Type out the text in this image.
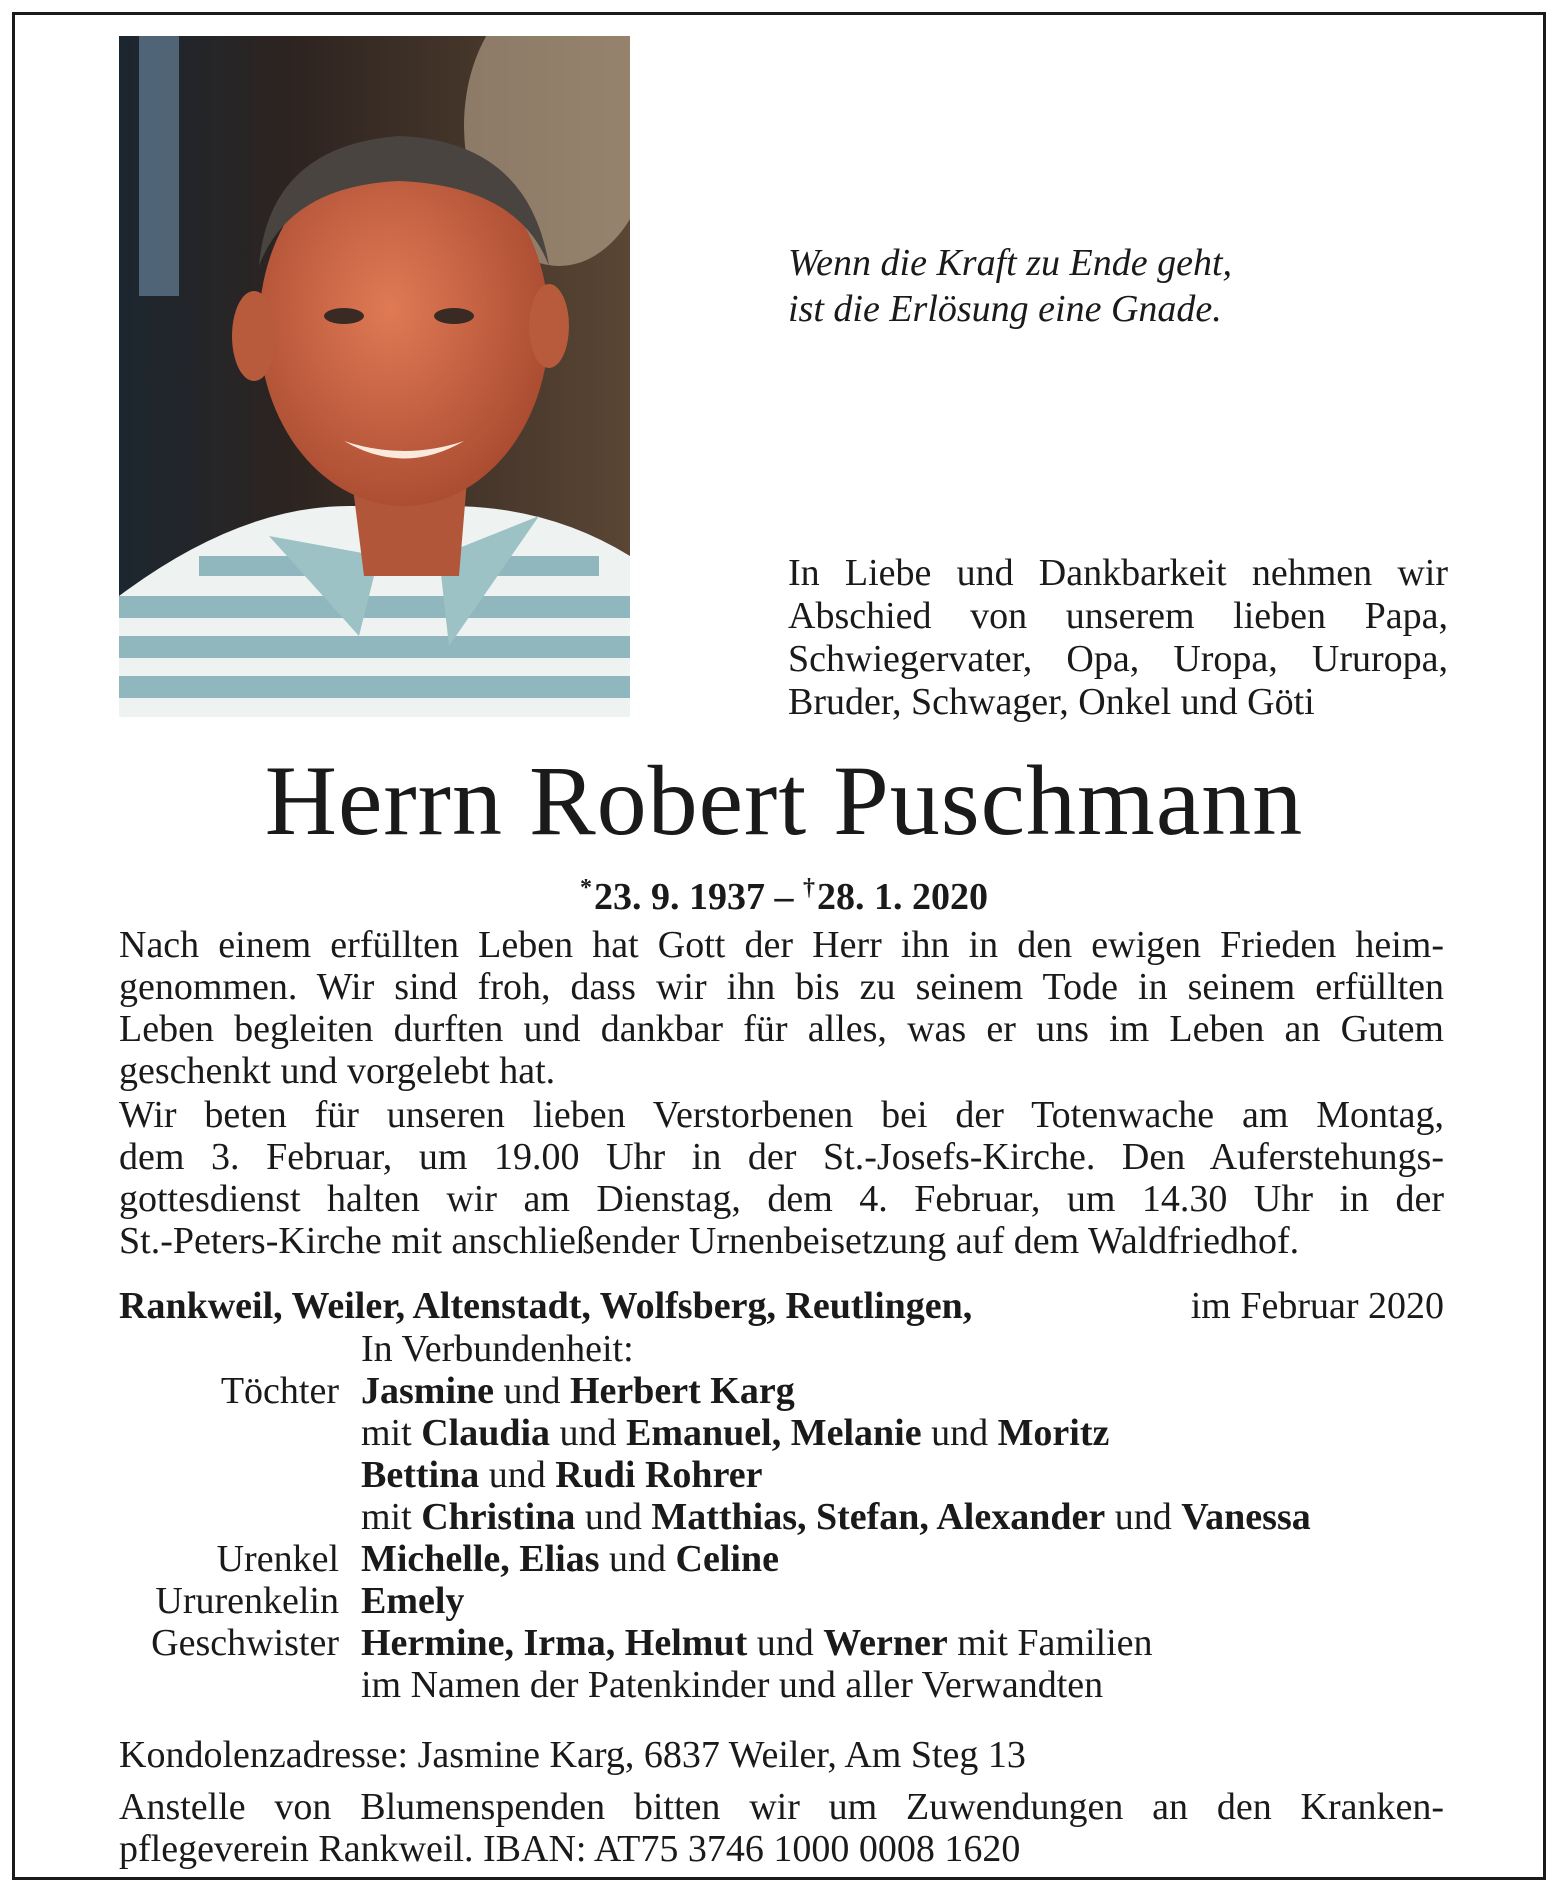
Wenn die Kraft zu Ende geht,
ist die Erlösung eine Gnade.

In Liebe und Dankbarkeit nehmen wir
Abschied von unserem lieben Papa,
Schwiegervater, Opa, Uropa, Ururopa,
Bruder, Schwager, Onkel und Göti

Herrn Robert Puschmann

*23. 9. 1937 – †28. 1. 2020

Nach einem erfüllten Leben hat Gott der Herr ihn in den ewigen Frieden heim-
genommen. Wir sind froh, dass wir ihn bis zu seinem Tode in seinem erfüllten
Leben begleiten durften und dankbar für alles, was er uns im Leben an Gutem
geschenkt und vorgelebt hat.

Wir beten für unseren lieben Verstorbenen bei der Totenwache am Montag,
dem 3. Februar, um 19.00 Uhr in der St.-Josefs-Kirche. Den Auferstehungs-
gottesdienst halten wir am Dienstag, dem 4. Februar, um 14.30 Uhr in der
St.-Peters-Kirche mit anschließender Urnenbeisetzung auf dem Waldfriedhof.

Rankweil, Weiler, Altenstadt, Wolfsberg, Reutlingen,	im Februar 2020

In Verbundenheit:
Töchter Jasmine und Herbert Karg
mit Claudia und Emanuel, Melanie und Moritz
Bettina und Rudi Rohrer
mit Christina und Matthias, Stefan, Alexander und Vanessa
Urenkel Michelle, Elias und Celine
Ururenkelin Emely
Geschwister Hermine, Irma, Helmut und Werner mit Familien
im Namen der Patenkinder und aller Verwandten

Kondolenzadresse: Jasmine Karg, 6837 Weiler, Am Steg 13

Anstelle von Blumenspenden bitten wir um Zuwendungen an den Kranken-
pflegeverein Rankweil. IBAN: AT75 3746 1000 0008 1620
